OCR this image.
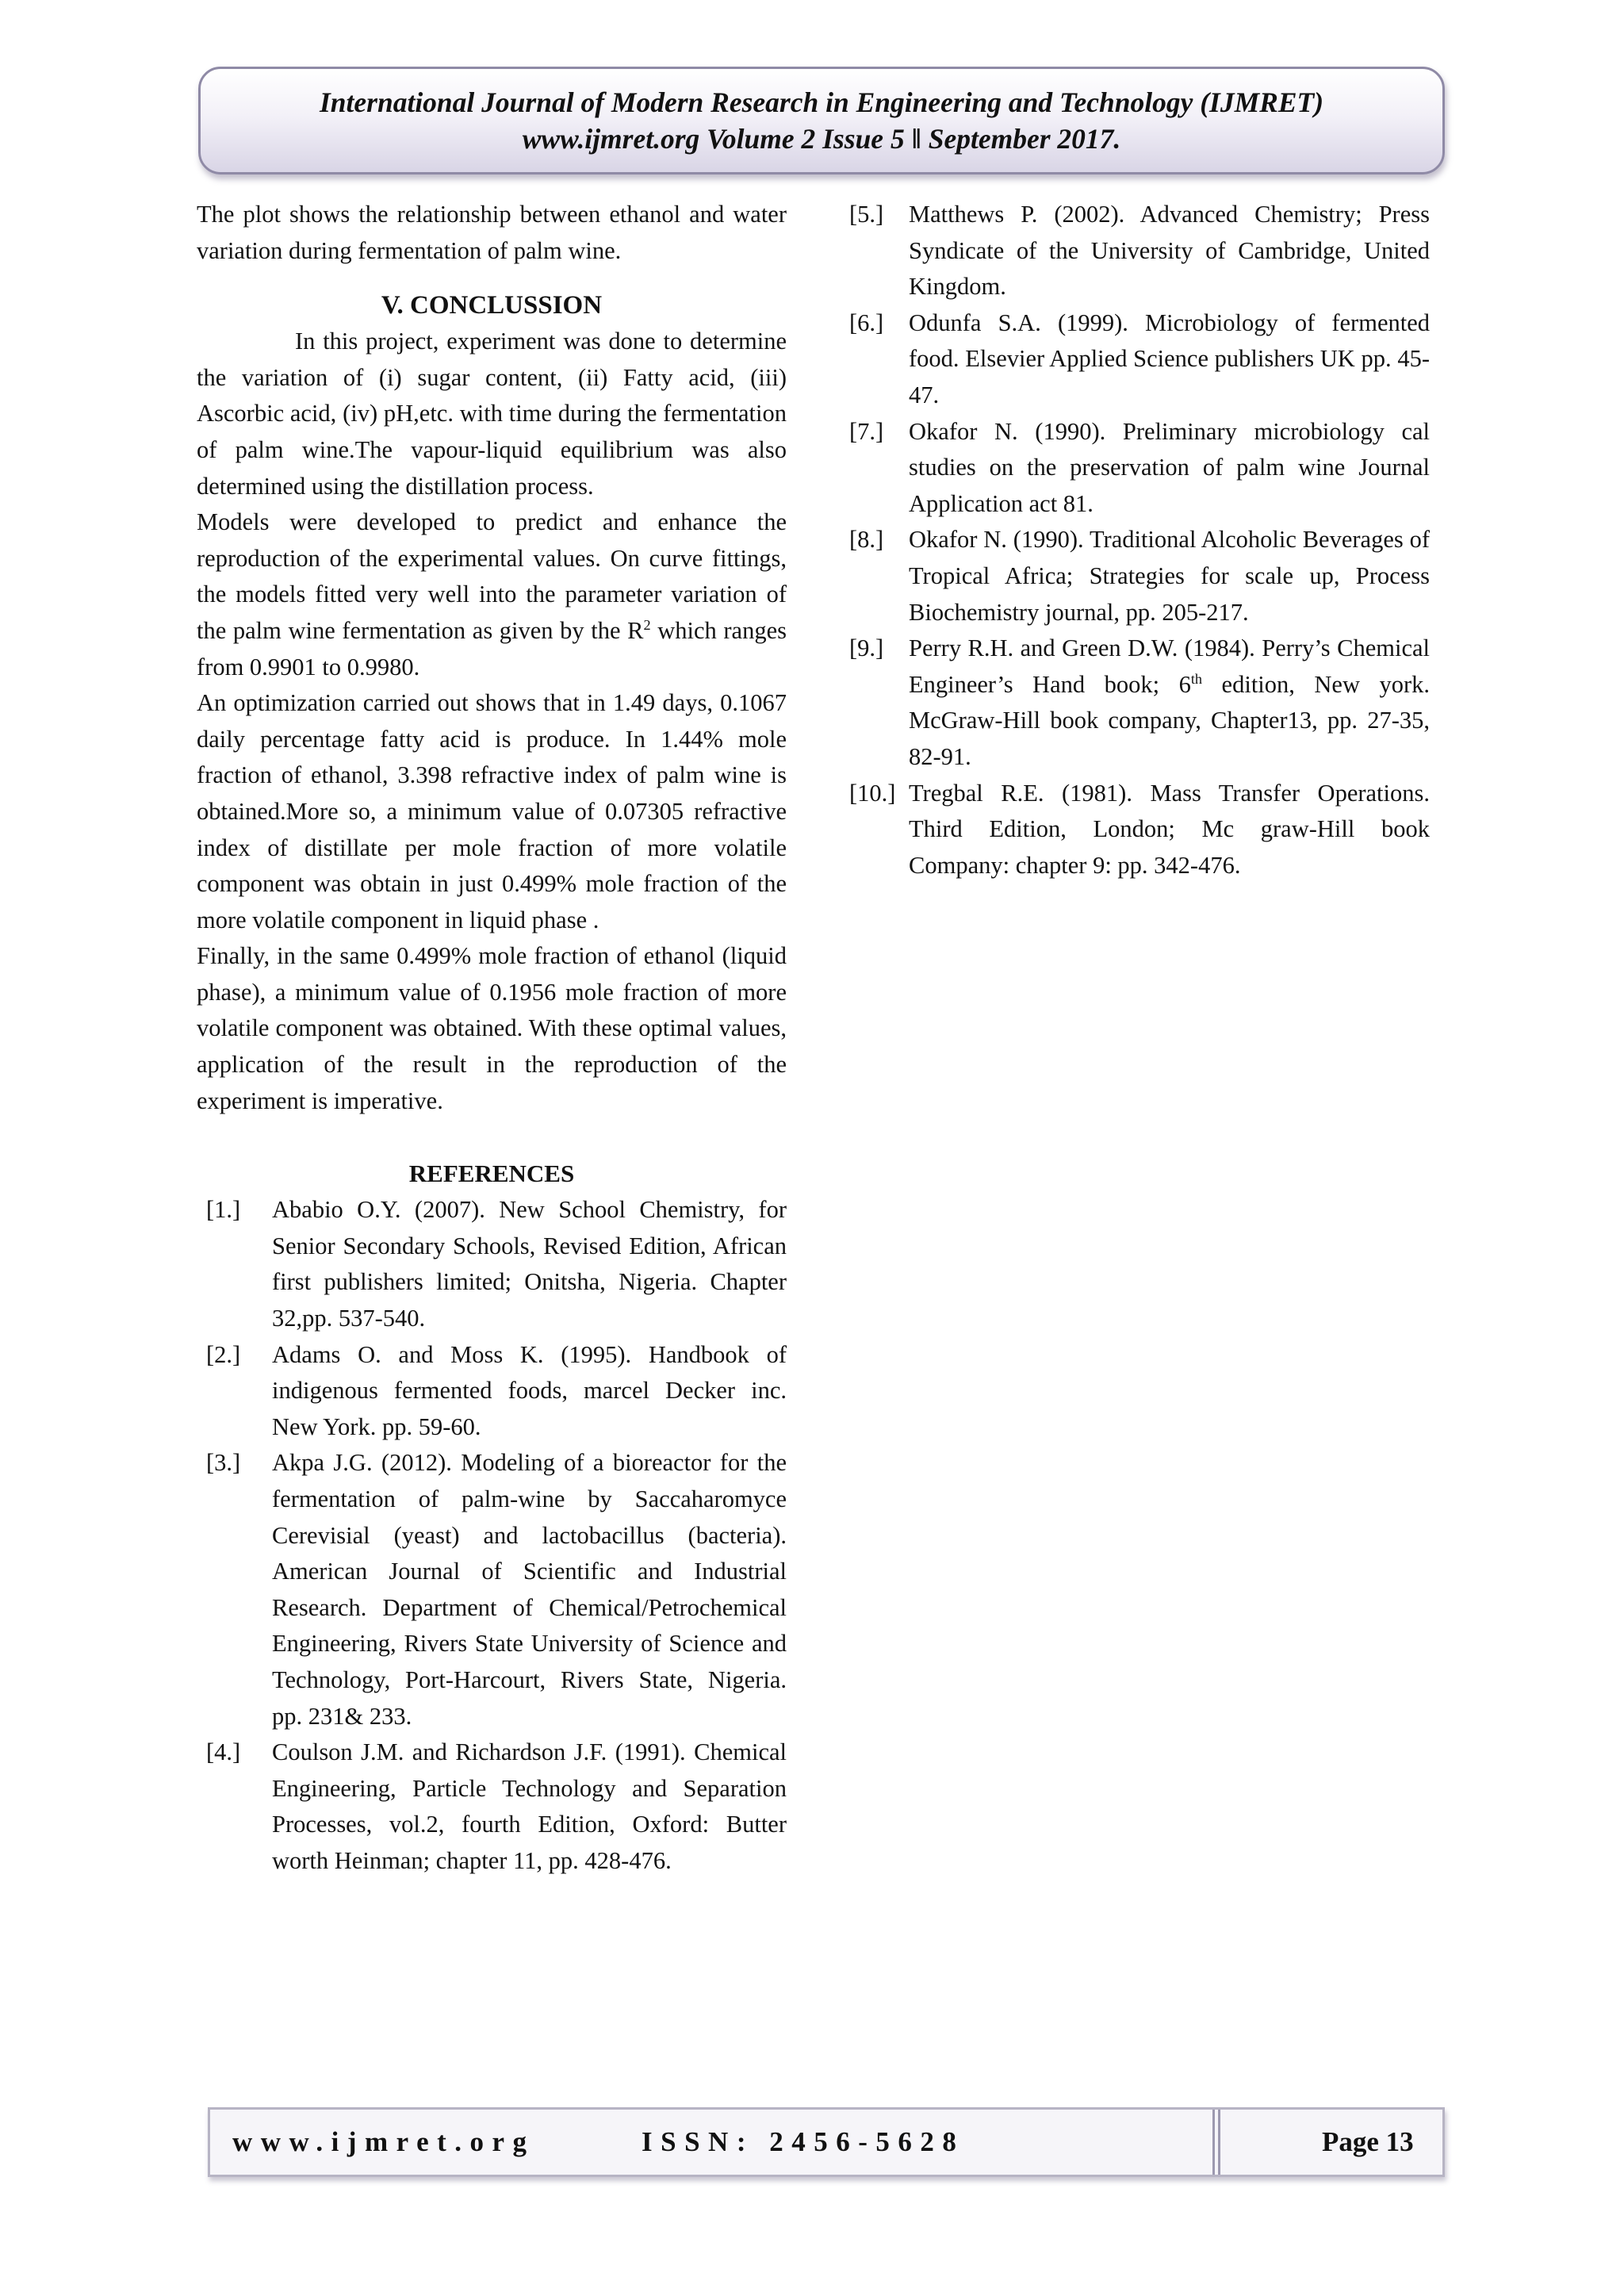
International Journal of Modern Research in Engineering and Technology (IJMRET)
www.ijmret.org Volume 2 Issue 5 ǁ September 2017.

The plot shows the relationship between ethanol and water variation during fermentation of palm wine.

V. CONCLUSSION

In this project, experiment was done to determine the variation of (i) sugar content, (ii) Fatty acid, (iii) Ascorbic acid, (iv) pH,etc. with time during the fermentation of palm wine.The vapour-liquid equilibrium was also determined using the distillation process.

Models were developed to predict and enhance the reproduction of the experimental values. On curve fittings, the models fitted very well into the parameter variation of the palm wine fermentation as given by the $R^2$ which ranges from 0.9901 to 0.9980.

An optimization carried out shows that in 1.49 days, 0.1067 daily percentage fatty acid is produce. In 1.44% mole fraction of ethanol, 3.398 refractive index of palm wine is obtained.More so, a minimum value of 0.07305 refractive index of distillate per mole fraction of more volatile component was obtain in just 0.499% mole fraction of the more volatile component in liquid phase .

Finally, in the same 0.499% mole fraction of ethanol (liquid phase), a minimum value of 0.1956 mole fraction of more volatile component was obtained. With these optimal values, application of the result in the reproduction of the experiment is imperative.

REFERENCES
[1.]	Ababio O.Y. (2007). New School Chemistry, for Senior Secondary Schools, Revised Edition, African first publishers limited; Onitsha, Nigeria. Chapter 32,pp. 537-540.
[2.]	Adams O. and Moss K. (1995). Handbook of indigenous fermented foods, marcel Decker inc. New York. pp. 59-60.
[3.]	Akpa J.G. (2012). Modeling of a bioreactor for the fermentation of palm-wine by Saccaharomyce Cerevisial (yeast) and lactobacillus (bacteria). American Journal of Scientific and Industrial Research. Department of Chemical/Petrochemical Engineering, Rivers State University of Science and Technology, Port-Harcourt, Rivers State, Nigeria. pp. 231& 233.
[4.]	Coulson J.M. and Richardson J.F. (1991). Chemical Engineering, Particle Technology and Separation Processes, vol.2, fourth Edition, Oxford: Butter worth Heinman; chapter 11, pp. 428-476.
[5.]	Matthews P. (2002). Advanced Chemistry; Press Syndicate of the University of Cambridge, United Kingdom.
[6.]	Odunfa S.A. (1999). Microbiology of fermented food. Elsevier Applied Science publishers UK pp. 45-47.
[7.]	Okafor N. (1990). Preliminary microbiology cal studies on the preservation of palm wine Journal Application act 81.
[8.]	Okafor N. (1990). Traditional Alcoholic Beverages of Tropical Africa; Strategies for scale up, Process Biochemistry journal, pp. 205-217.
[9.]	Perry R.H. and Green D.W. (1984). Perry’s Chemical Engineer’s Hand book; 6th edition, New york. McGraw-Hill book company, Chapter13, pp. 27-35, 82-91.
[10.] Tregbal R.E. (1981). Mass Transfer Operations. Third Edition, London; Mc graw-Hill book Company: chapter 9: pp. 342-476.
www.ijmret.org	ISSN: 2456-5628	Page 13
